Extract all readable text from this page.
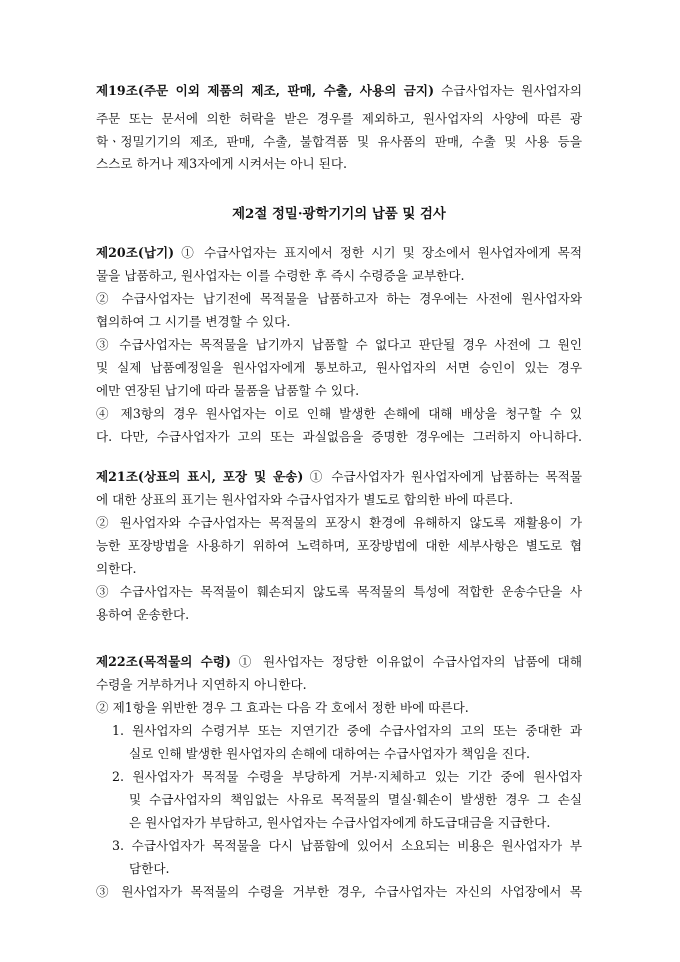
제19조(주문 이외 제품의 제조, 판매, 수출, 사용의 금지) 수급사업자는 원사업자의
주문 또는 문서에 의한 허락을 받은 경우를 제외하고, 원사업자의 사양에 따른 광
학ㆍ정밀기기의 제조, 판매, 수출, 불합격품 및 유사품의 판매, 수출 및 사용 등을
스스로 하거나 제3자에게 시켜서는 아니 된다.
제2절 정밀·광학기기의 납품 및 검사
제20조(납기) ① 수급사업자는 표지에서 정한 시기 및 장소에서 원사업자에게 목적
물을 납품하고, 원사업자는 이를 수령한 후 즉시 수령증을 교부한다.
② 수급사업자는 납기전에 목적물을 납품하고자 하는 경우에는 사전에 원사업자와
협의하여 그 시기를 변경할 수 있다.
③ 수급사업자는 목적물을 납기까지 납품할 수 없다고 판단될 경우 사전에 그 원인
및 실제 납품예정일을 원사업자에게 통보하고, 원사업자의 서면 승인이 있는 경우
에만 연장된 납기에 따라 물품을 납품할 수 있다.
④ 제3항의 경우 원사업자는 이로 인해 발생한 손해에 대해 배상을 청구할 수 있
다. 다만, 수급사업자가 고의 또는 과실없음을 증명한 경우에는 그러하지 아니하다.
제21조(상표의 표시, 포장 및 운송) ① 수급사업자가 원사업자에게 납품하는 목적물
에 대한 상표의 표기는 원사업자와 수급사업자가 별도로 합의한 바에 따른다.
② 원사업자와 수급사업자는 목적물의 포장시 환경에 유해하지 않도록 재활용이 가
능한 포장방법을 사용하기 위하여 노력하며, 포장방법에 대한 세부사항은 별도로 협
의한다.
③ 수급사업자는 목적물이 훼손되지 않도록 목적물의 특성에 적합한 운송수단을 사
용하여 운송한다.
제22조(목적물의 수령) ① 원사업자는 정당한 이유없이 수급사업자의 납품에 대해
수령을 거부하거나 지연하지 아니한다.
② 제1항을 위반한 경우 그 효과는 다음 각 호에서 정한 바에 따른다.
1. 원사업자의 수령거부 또는 지연기간 중에 수급사업자의 고의 또는 중대한 과
실로 인해 발생한 원사업자의 손해에 대하여는 수급사업자가 책임을 진다.
2. 원사업자가 목적물 수령을 부당하게 거부·지체하고 있는 기간 중에 원사업자
및 수급사업자의 책임없는 사유로 목적물의 멸실·훼손이 발생한 경우 그 손실
은 원사업자가 부담하고, 원사업자는 수급사업자에게 하도급대금을 지급한다.
3. 수급사업자가 목적물을 다시 납품함에 있어서 소요되는 비용은 원사업자가 부
담한다.
③ 원사업자가 목적물의 수령을 거부한 경우, 수급사업자는 자신의 사업장에서 목
